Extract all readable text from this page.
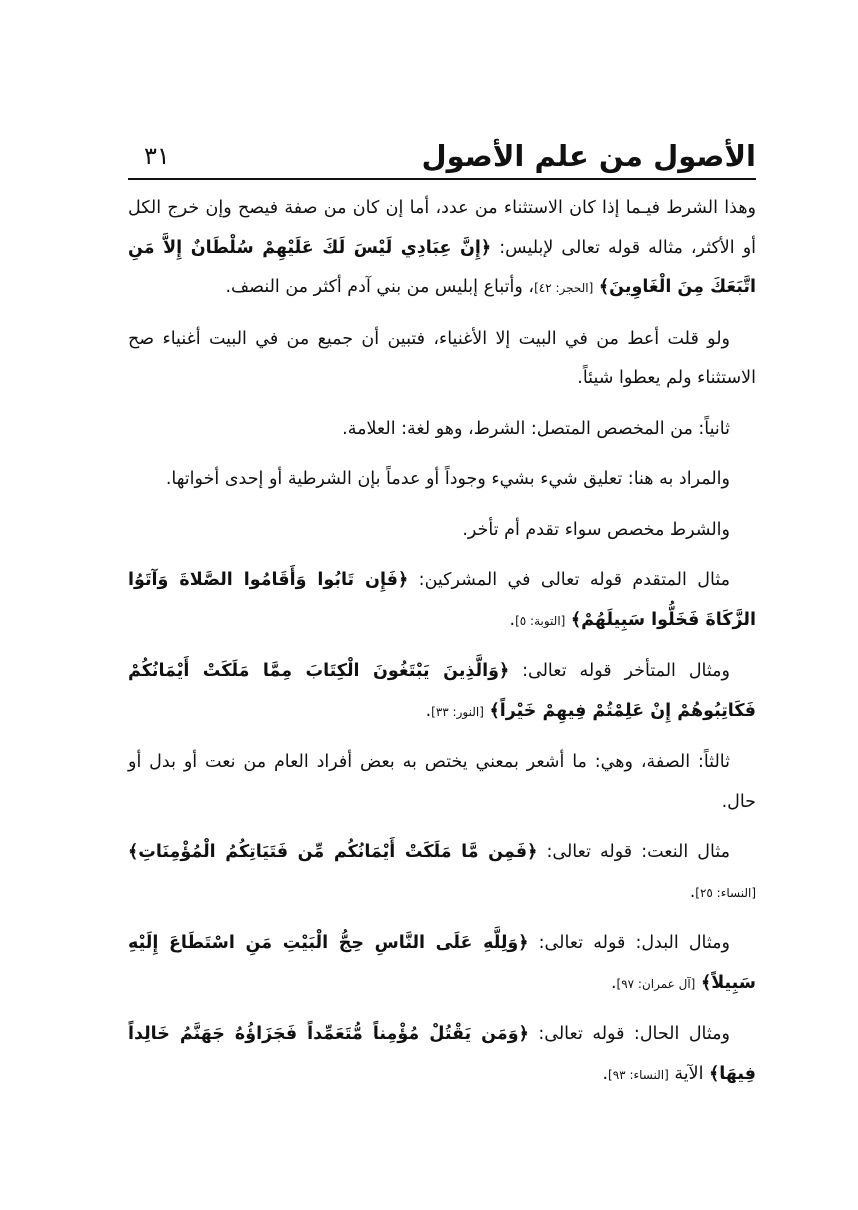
الأصول من علم الأصول
٣١

وهذا الشرط فيـما إذا كان الاستثناء من عدد، أما إن كان من صفة فيصح وإن خرج الكل أو الأكثر، مثاله قوله تعالى لإبليس: ﴿إِنَّ عِبَادِي لَيْسَ لَكَ عَلَيْهِمْ سُلْطَانٌ إِلاَّ مَنِ اتَّبَعَكَ مِنَ الْغَاوِينَ﴾ [الحجر: ٤٢]، وأتباع إبليس من بني آدم أكثر من النصف.

ولو قلت أعط من في البيت إلا الأغنياء، فتبين أن جميع من في البيت أغنياء صح الاستثناء ولم يعطوا شيئاً.

ثانياً: من المخصص المتصل: الشرط، وهو لغة: العلامة.

والمراد به هنا: تعليق شيء بشيء وجوداً أو عدماً بإن الشرطية أو إحدى أخواتها.

والشرط مخصص سواء تقدم أم تأخر.

مثال المتقدم قوله تعالى في المشركين: ﴿فَإِن تَابُوا وَأَقَامُوا الصَّلاةَ وَآتَوُا الزَّكَاةَ فَخَلُّوا سَبِيلَهُمْ﴾ [التوبة: ٥].

ومثال المتأخر قوله تعالى: ﴿وَالَّذِينَ يَبْتَغُونَ الْكِتَابَ مِمَّا مَلَكَتْ أَيْمَانُكُمْ فَكَاتِبُوهُمْ إِنْ عَلِمْتُمْ فِيهِمْ خَيْراً﴾ [النور: ٣٣].

ثالثاً: الصفة، وهي: ما أشعر بمعني يختص به بعض أفراد العام من نعت أو بدل أو حال.

مثال النعت: قوله تعالى: ﴿فَمِن مَّا مَلَكَتْ أَيْمَانُكُم مِّن فَتَيَاتِكُمُ الْمُؤْمِنَاتِ﴾ [النساء: ٢٥].

ومثال البدل: قوله تعالى: ﴿وَلِلَّهِ عَلَى النَّاسِ حِجُّ الْبَيْتِ مَنِ اسْتَطَاعَ إِلَيْهِ سَبِيلاً﴾ [آل عمران: ٩٧].

ومثال الحال: قوله تعالى: ﴿وَمَن يَقْتُلْ مُؤْمِناً مُّتَعَمِّداً فَجَزَاؤُهُ جَهَنَّمُ خَالِداً فِيهَا﴾ الآية [النساء: ٩٣].
